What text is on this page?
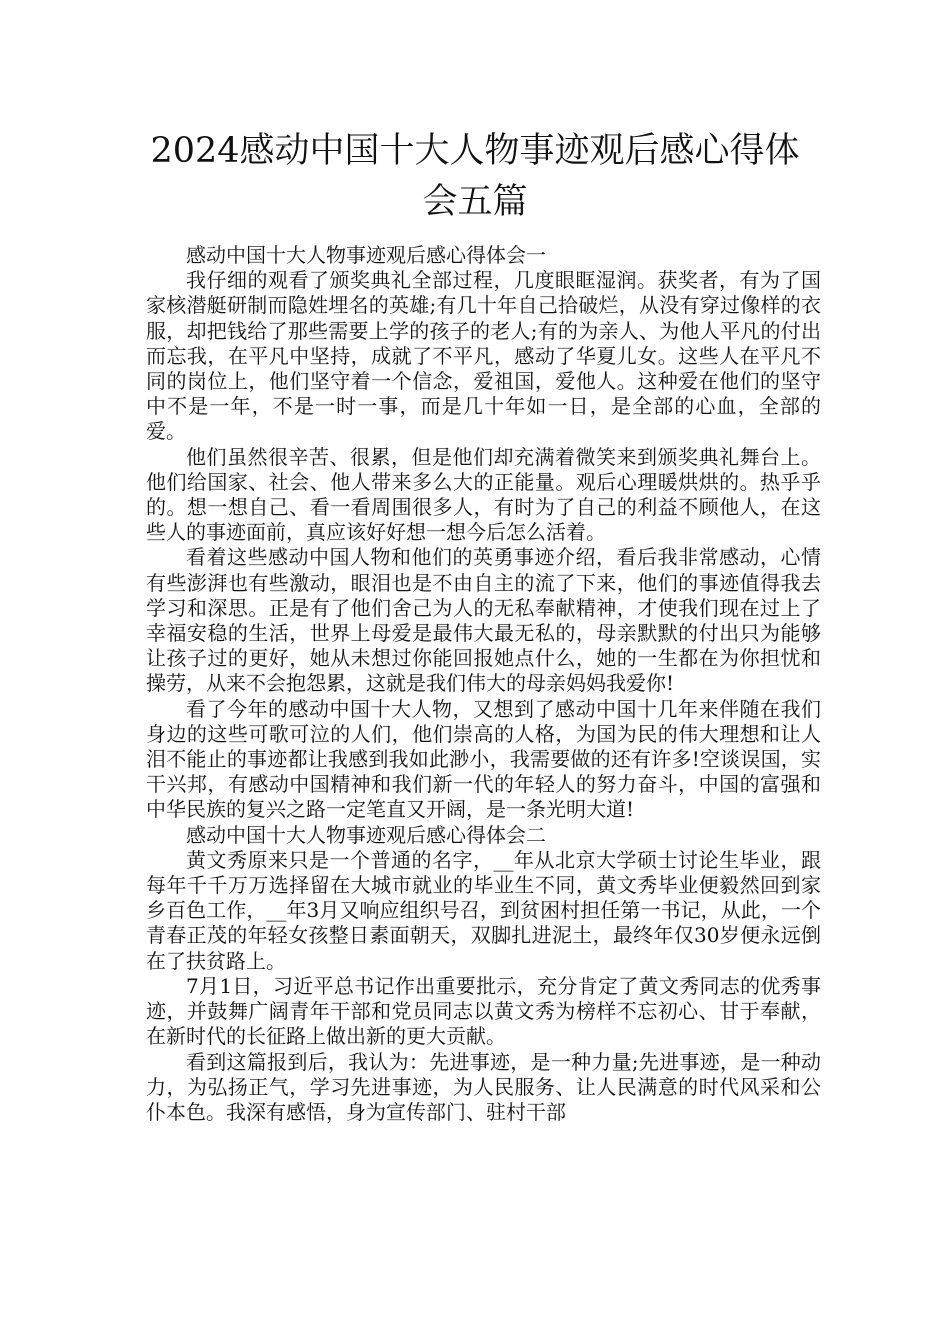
2024感动中国十大人物事迹观后感心得体
会五篇

感动中国十大人物事迹观后感心得体会一

我仔细的观看了颁奖典礼全部过程，几度眼眶湿润。获奖者，有为了国家核潜艇研制而隐姓埋名的英雄;有几十年自己拾破烂，从没有穿过像样的衣服，却把钱给了那些需要上学的孩子的老人;有的为亲人、为他人平凡的付出而忘我，在平凡中坚持，成就了不平凡，感动了华夏儿女。这些人在平凡不同的岗位上，他们坚守着一个信念，爱祖国，爱他人。这种爱在他们的坚守中不是一年，不是一时一事，而是几十年如一日，是全部的心血，全部的爱。

他们虽然很辛苦、很累，但是他们却充满着微笑来到颁奖典礼舞台上。他们给国家、社会、他人带来多么大的正能量。观后心理暖烘烘的。热乎乎的。想一想自己、看一看周围很多人，有时为了自己的利益不顾他人，在这些人的事迹面前，真应该好好想一想今后怎么活着。

看着这些感动中国人物和他们的英勇事迹介绍，看后我非常感动，心情有些澎湃也有些激动，眼泪也是不由自主的流了下来，他们的事迹值得我去学习和深思。正是有了他们舍己为人的无私奉献精神，才使我们现在过上了幸福安稳的生活，世界上母爱是最伟大最无私的，母亲默默的付出只为能够让孩子过的更好，她从未想过你能回报她点什么，她的一生都在为你担忧和操劳，从来不会抱怨累，这就是我们伟大的母亲妈妈我爱你!

看了今年的感动中国十大人物，又想到了感动中国十几年来伴随在我们身边的这些可歌可泣的人们，他们崇高的人格，为国为民的伟大理想和让人泪不能止的事迹都让我感到我如此渺小，我需要做的还有许多!空谈误国，实干兴邦，有感动中国精神和我们新一代的年轻人的努力奋斗，中国的富强和中华民族的复兴之路一定笔直又开阔，是一条光明大道!

感动中国十大人物事迹观后感心得体会二

黄文秀原来只是一个普通的名字，__年从北京大学硕士讨论生毕业，跟每年千千万万选择留在大城市就业的毕业生不同，黄文秀毕业便毅然回到家乡百色工作，__年3月又响应组织号召，到贫困村担任第一书记，从此，一个青春正茂的年轻女孩整日素面朝天，双脚扎进泥土，最终年仅30岁便永远倒在了扶贫路上。

7月1日，习近平总书记作出重要批示，充分肯定了黄文秀同志的优秀事迹，并鼓舞广阔青年干部和党员同志以黄文秀为榜样不忘初心、甘于奉献，在新时代的长征路上做出新的更大贡献。

看到这篇报到后，我认为：先进事迹，是一种力量;先进事迹，是一种动力，为弘扬正气，学习先进事迹，为人民服务、让人民满意的时代风采和公仆本色。我深有感悟，身为宣传部门、驻村干部
